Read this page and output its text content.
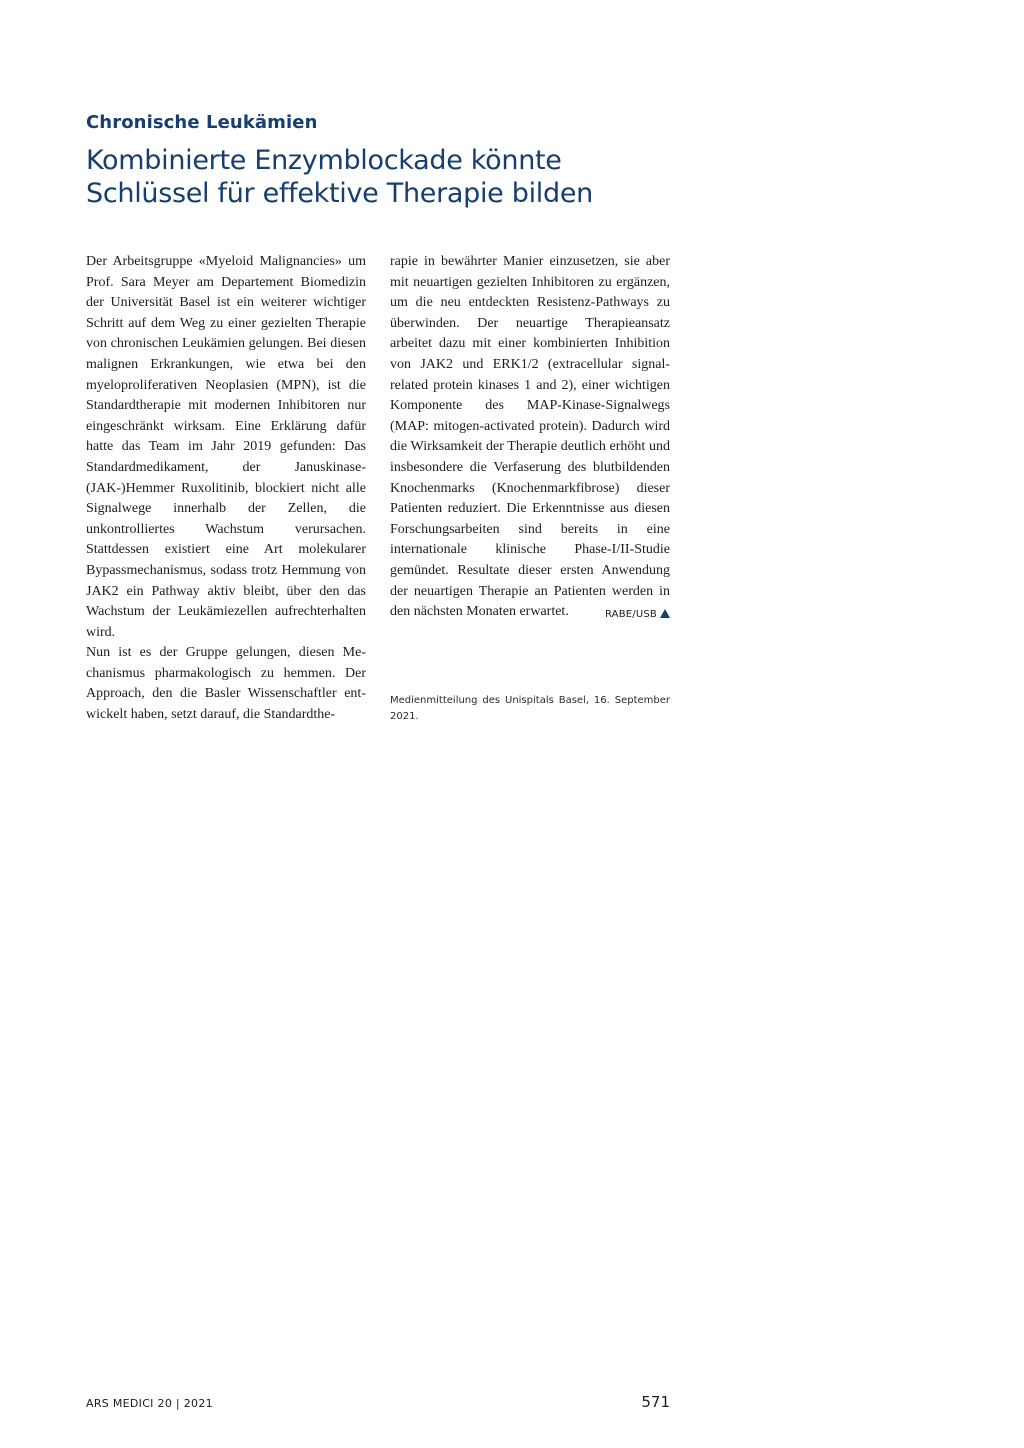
Chronische Leukämien
Kombinierte Enzymblockade könnte
Schlüssel für effektive Therapie bilden

Der Arbeitsgruppe «Myeloid Malignancies» um Prof. Sara Meyer am Departement Biomedizin der Universität Basel ist ein weiterer wichtiger Schritt auf dem Weg zu einer gezielten Therapie von chronischen Leukämien gelungen. Bei diesen malignen Erkrankungen, wie etwa bei den myeloproliferativen Neoplasien (MPN), ist die Standardtherapie mit modernen Inhibitoren nur eingeschränkt wirksam. Eine Erklärung dafür hatte das Team im Jahr 2019 gefunden: Das Standardmedikament, der Januskinase-(JAK-)Hemmer Ruxolitinib, blockiert nicht alle Signalwege innerhalb der Zellen, die unkontrolliertes Wachstum verursachen. Stattdessen existiert eine Art molekularer Bypassmechanismus, sodass trotz Hemmung von JAK2 ein Pathway aktiv bleibt, über den das Wachstum der Leukämiezellen aufrechterhalten wird.

Nun ist es der Gruppe gelungen, diesen Mechanismus pharmakologisch zu hemmen. Der Approach, den die Basler Wissenschaftler entwickelt haben, setzt darauf, die Standardthe-

rapie in bewährter Manier einzusetzen, sie aber mit neuartigen gezielten Inhibitoren zu ergänzen, um die neu entdeckten Resistenz-Pathways zu überwinden. Der neuartige Therapieansatz arbeitet dazu mit einer kombinierten Inhibition von JAK2 und ERK1/2 (extracellular signal-related protein kinases 1 and 2), einer wichtigen Komponente des MAP-Kinase-Signalwegs (MAP: mitogen-activated protein). Dadurch wird die Wirksamkeit der Therapie deutlich erhöht und insbesondere die Verfaserung des blutbildenden Knochenmarks (Knochenmarkfibrose) dieser Patienten reduziert. Die Erkenntnisse aus diesen Forschungsarbeiten sind bereits in eine internationale klinische Phase-I/II-Studie gemündet. Resultate dieser ersten Anwendung der neuartigen Therapie an Patienten werden in den nächsten Monaten erwartet.	RABE/USB

Medienmitteilung des Unispitals Basel, 16. September 2021.

ARS MEDICI 20 | 2021	571
